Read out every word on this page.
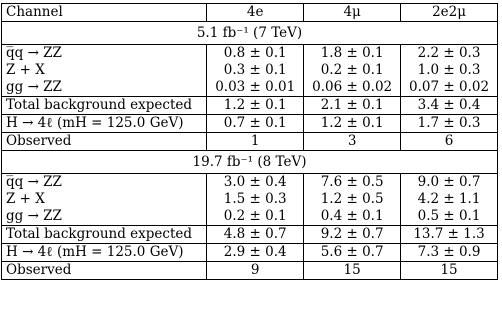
Channel	4e	4μ	2e2μ
5.1 fb⁻¹ (7 TeV)			
q̅q → ZZ	0.8 ± 0.1	1.8 ± 0.1	2.2 ± 0.3
Z + X	0.3 ± 0.1	0.2 ± 0.1	1.0 ± 0.3
gg → ZZ	0.03 ± 0.01	0.06 ± 0.02	0.07 ± 0.02
Total background expected	1.2 ± 0.1	2.1 ± 0.1	3.4 ± 0.4
H → 4ℓ (mH = 125.0 GeV)	0.7 ± 0.1	1.2 ± 0.1	1.7 ± 0.3
Observed	1	3	6
19.7 fb⁻¹ (8 TeV)			
q̅q → ZZ	3.0 ± 0.4	7.6 ± 0.5	9.0 ± 0.7
Z + X	1.5 ± 0.3	1.2 ± 0.5	4.2 ± 1.1
gg → ZZ	0.2 ± 0.1	0.4 ± 0.1	0.5 ± 0.1
Total background expected	4.8 ± 0.7	9.2 ± 0.7	13.7 ± 1.3
H → 4ℓ (mH = 125.0 GeV)	2.9 ± 0.4	5.6 ± 0.7	7.3 ± 0.9
Observed	9	15	15
